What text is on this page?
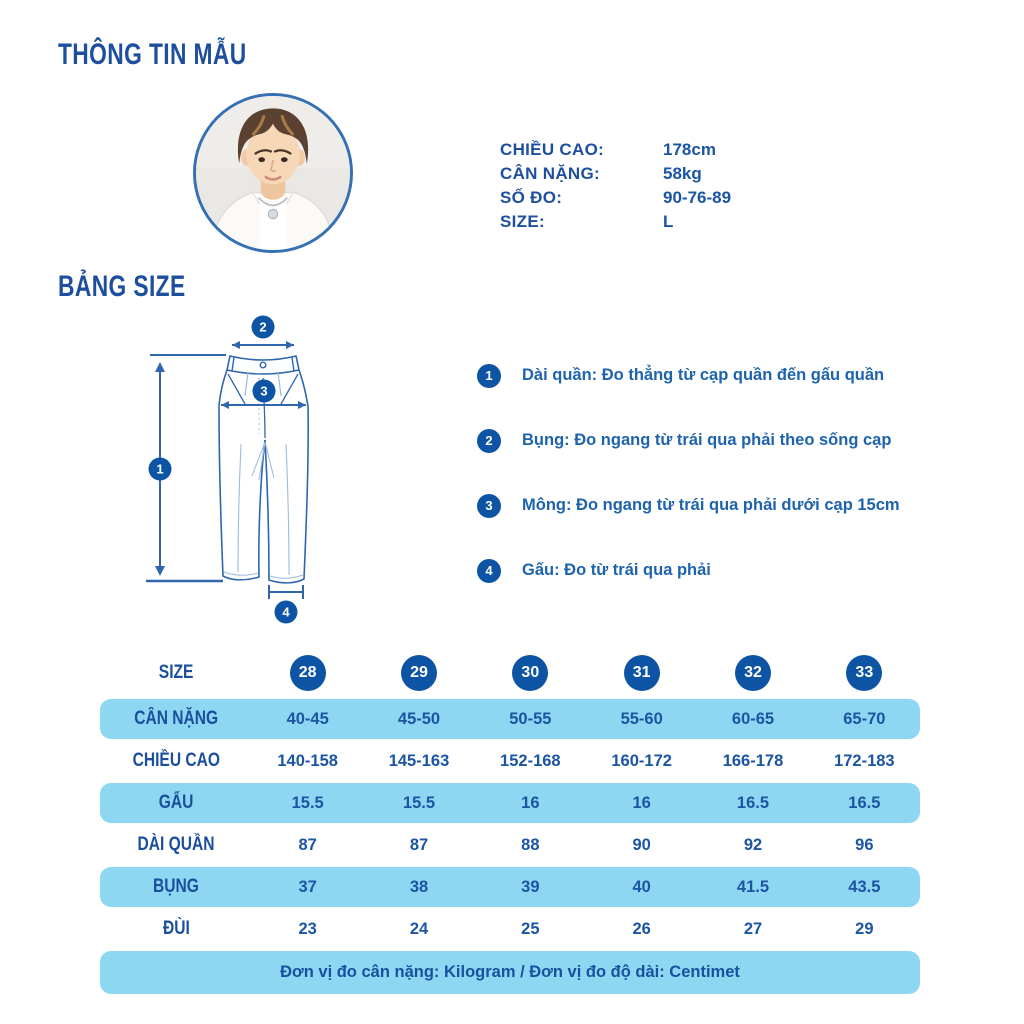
THÔNG TIN MẪU
CHIỀU CAO:	178cm
CÂN NẶNG:	58kg
SỐ ĐO:	90-76-89
SIZE:	L
BẢNG SIZE
2
3
1
4
1	Dài quần: Đo thẳng từ cạp quần đến gấu quần
2	Bụng: Đo ngang từ trái qua phải theo sống cạp
3	Mông: Đo ngang từ trái qua phải dưới cạp 15cm
4	Gấu: Đo từ trái qua phải
SIZE	28	29	30	31	32	33
CÂN NẶNG	40-45	45-50	50-55	55-60	60-65	65-70
CHIỀU CAO	140-158	145-163	152-168	160-172	166-178	172-183
GẤU	15.5	15.5	16	16	16.5	16.5
DÀI QUẦN	87	87	88	90	92	96
BỤNG	37	38	39	40	41.5	43.5
ĐÙI	23	24	25	26	27	29
Đơn vị đo cân nặng: Kilogram / Đơn vị đo độ dài: Centimet
